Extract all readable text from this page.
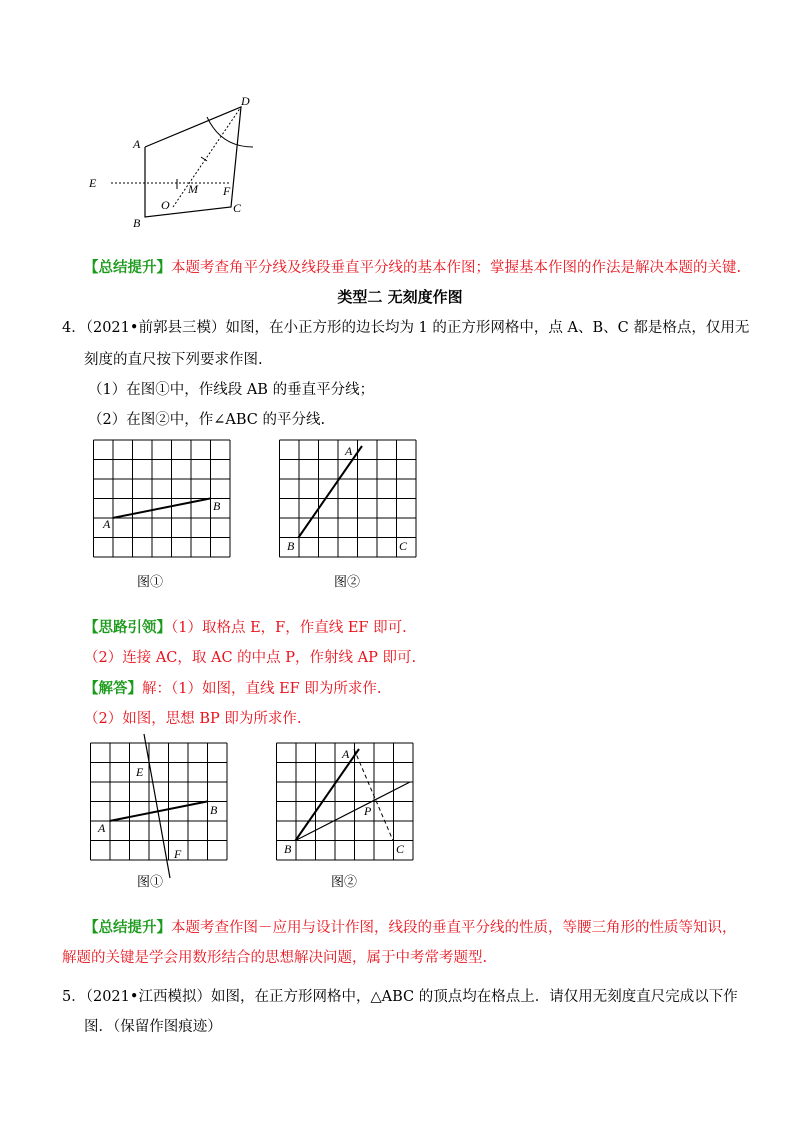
A
B
C
D
E
F
M
O
【总结提升】本题考查角平分线及线段垂直平分线的基本作图；掌握基本作图的作法是解决本题的关键.
类型二 无刻度作图
4．（2021•前郭县三模）如图，在小正方形的边长均为 1 的正方形网格中，点 A、B、C 都是格点，仅用无
刻度的直尺按下列要求作图.
（1）在图①中，作线段 AB 的垂直平分线；
（2）在图②中，作∠ABC 的平分线.
A
B
图①
A
B	C
图②
【思路引领】（1）取格点 E，F，作直线 EF 即可.
（2）连接 AC，取 AC 的中点 P，作射线 AP 即可.
【解答】解：（1）如图，直线 EF 即为所求作.
（2）如图，思想 BP 即为所求作.
A
B
E
F
图①
A
B	C
P
图②
【总结提升】本题考查作图－应用与设计作图，线段的垂直平分线的性质，等腰三角形的性质等知识，
解题的关键是学会用数形结合的思想解决问题，属于中考常考题型.
5．（2021•江西模拟）如图，在正方形网格中，△ABC 的顶点均在格点上．请仅用无刻度直尺完成以下作
图．（保留作图痕迹）
